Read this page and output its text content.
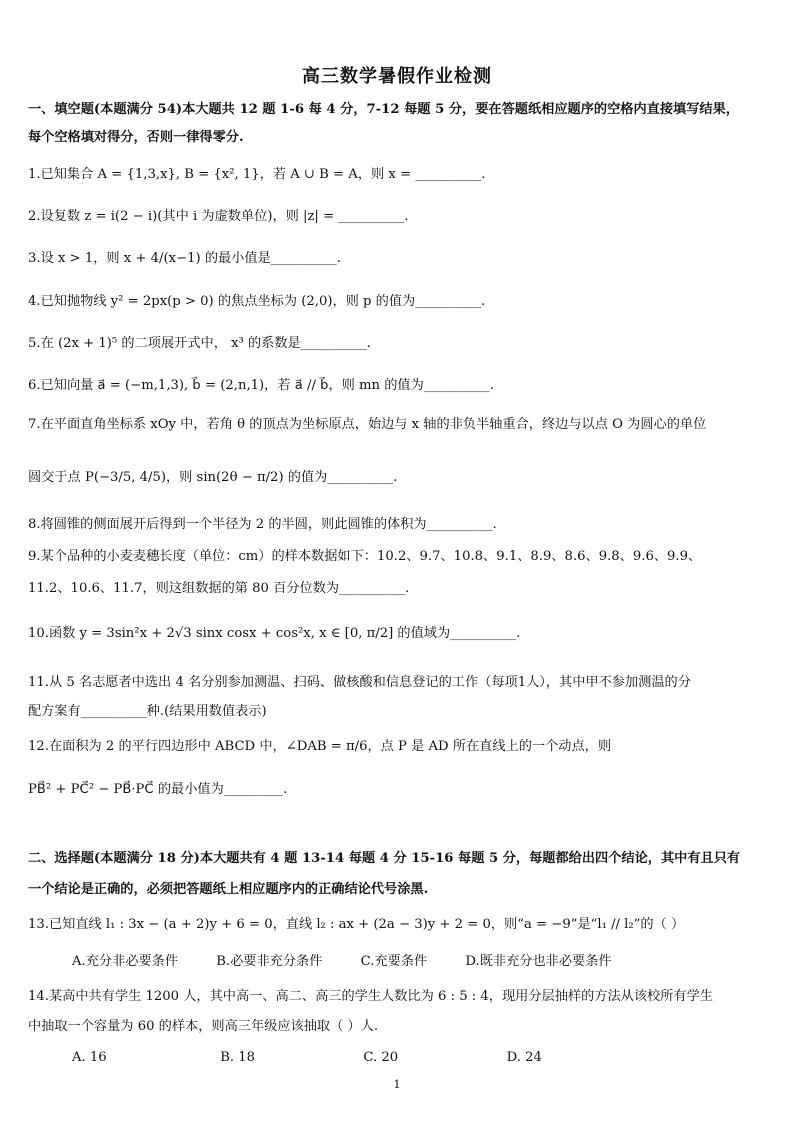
高三数学暑假作业检测
一、填空题(本题满分 54)本大题共 12 题 1-6 每 4 分，7-12 每题 5 分，要在答题纸相应题序的空格内直接填写结果，
每个空格填对得分，否则一律得零分.
1.已知集合 A = {1,3,x}, B = {x², 1}，若 A ∪ B = A，则 x = __________.
2.设复数 z = i(2 − i)(其中 i 为虚数单位)，则 |z| = __________.
3.设 x > 1，则 x + 4/(x−1) 的最小值是__________.
4.已知抛物线 y² = 2px(p > 0) 的焦点坐标为 (2,0)，则 p 的值为__________.
5.在 (2x + 1)⁵ 的二项展开式中， x³ 的系数是__________.
6.已知向量 a⃗ = (−m,1,3), b⃗ = (2,n,1)，若 a⃗ // b⃗，则 mn 的值为__________.
7.在平面直角坐标系 xOy 中，若角 θ 的顶点为坐标原点，始边与 x 轴的非负半轴重合，终边与以点 O 为圆心的单位
圆交于点 P(−3/5, 4/5)，则 sin(2θ − π/2) 的值为__________.
8.将圆锥的侧面展开后得到一个半径为 2 的半圆，则此圆锥的体积为__________.
9.某个品种的小麦麦穗长度（单位：cm）的样本数据如下：10.2、9.7、10.8、9.1、8.9、8.6、9.8、9.6、9.9、
11.2、10.6、11.7，则这组数据的第 80 百分位数为__________.
10.函数 y = 3sin²x + 2√3 sinx cosx + cos²x, x ∈ [0, π/2] 的值域为__________.
11.从 5 名志愿者中选出 4 名分别参加测温、扫码、做核酸和信息登记的工作（每项1人），其中甲不参加测温的分
配方案有__________种.(结果用数值表示)
12.在面积为 2 的平行四边形中 ABCD 中，∠DAB = π/6，点 P 是 AD 所在直线上的一个动点，则
PB⃗² + PC⃗² − PB⃗·PC⃗ 的最小值为_________.
二、选择题(本题满分 18 分)本大题共有 4 题 13-14 每题 4 分 15-16 每题 5 分，每题都给出四个结论，其中有且只有
一个结论是正确的，必须把答题纸上相应题序内的正确结论代号涂黑.
13.已知直线 l₁ : 3x − (a + 2)y + 6 = 0，直线 l₂ : ax + (2a − 3)y + 2 = 0，则“a = −9”是“l₁ // l₂”的（ ）
A.充分非必要条件	B.必要非充分条件	C.充要条件	D.既非充分也非必要条件
14.某高中共有学生 1200 人，其中高一、高二、高三的学生人数比为 6 : 5 : 4，现用分层抽样的方法从该校所有学生
中抽取一个容量为 60 的样本，则高三年级应该抽取（ ）人.
A. 16	B. 18	C. 20	D. 24
1
